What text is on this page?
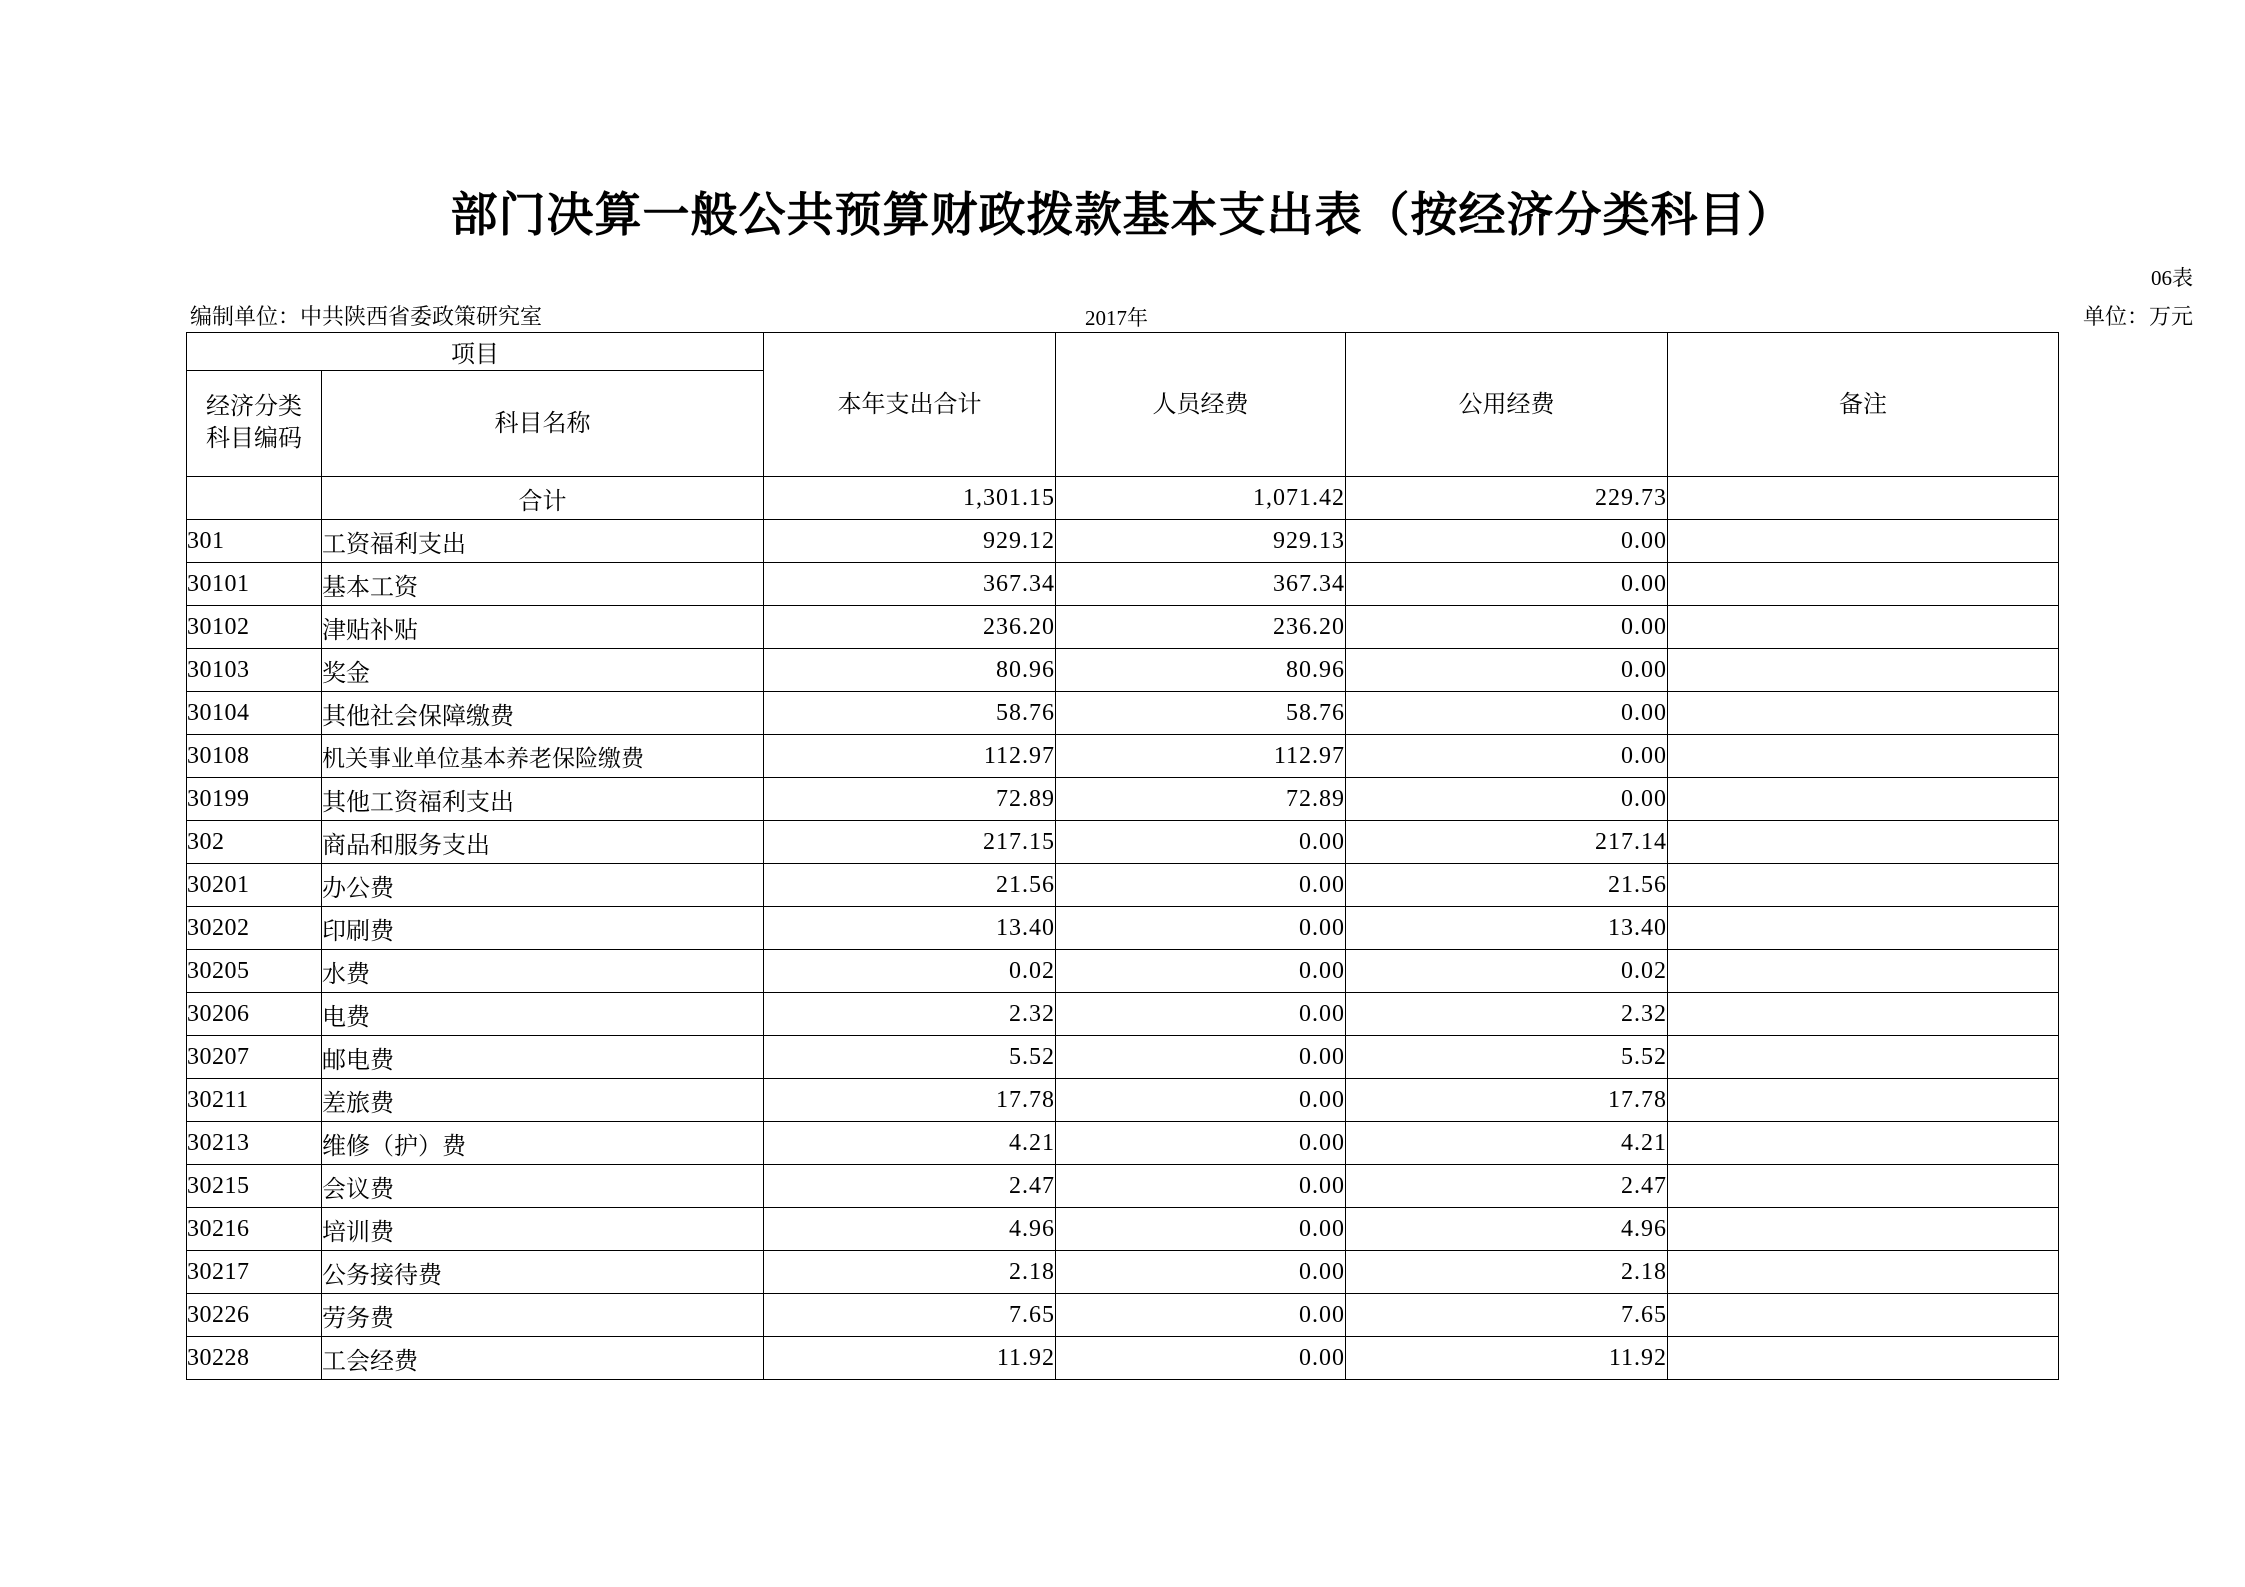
部门决算一般公共预算财政拨款基本支出表（按经济分类科目）
06表
编制单位：中共陕西省委政策研究室	2017年	单位：万元
项目		本年支出合计	人员经费	公用经费	备注

经济分类
科目编码	科目名称				
	合计	1,301.15	1,071.42	229.73	
301	工资福利支出	929.12	929.13	0.00	
30101	基本工资	367.34	367.34	0.00	
30102	津贴补贴	236.20	236.20	0.00	
30103	奖金	80.96	80.96	0.00	
30104	其他社会保障缴费	58.76	58.76	0.00	
30108	机关事业单位基本养老保险缴费	112.97	112.97	0.00	
30199	其他工资福利支出	72.89	72.89	0.00	
302	商品和服务支出	217.15	0.00	217.14	
30201	办公费	21.56	0.00	21.56	
30202	印刷费	13.40	0.00	13.40	
30205	水费	0.02	0.00	0.02	
30206	电费	2.32	0.00	2.32	
30207	邮电费	5.52	0.00	5.52	
30211	差旅费	17.78	0.00	17.78	
30213	维修（护）费	4.21	0.00	4.21	
30215	会议费	2.47	0.00	2.47	
30216	培训费	4.96	0.00	4.96	
30217	公务接待费	2.18	0.00	2.18	
30226	劳务费	7.65	0.00	7.65	
30228	工会经费	11.92	0.00	11.92	
